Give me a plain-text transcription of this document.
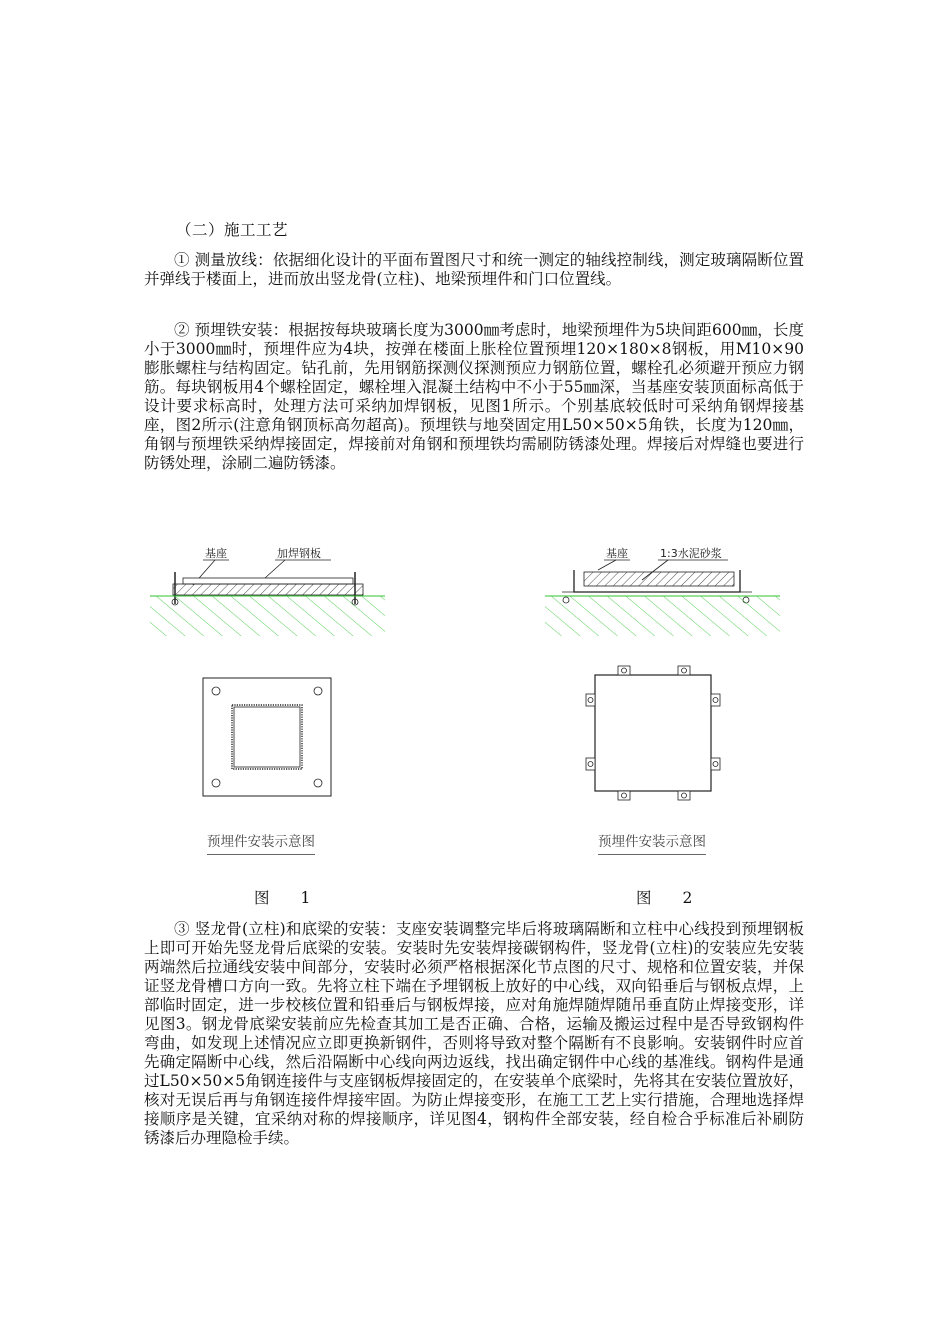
（二）施工工艺

① 测量放线：依据细化设计的平面布置图尺寸和统一测定的轴线控制线，测定玻璃隔断位置并弹线于楼面上，进而放出竖龙骨(立柱)、地梁预埋件和门口位置线。

② 预埋铁安装：根据按每块玻璃长度为3000㎜考虑时，地梁预埋件为5块间距600㎜，长度小于3000㎜时，预埋件应为4块，按弹在楼面上胀栓位置预埋120×180×8钢板，用M10×90膨胀螺柱与结构固定。钻孔前，先用钢筋探测仪探测预应力钢筋位置，螺栓孔必须避开预应力钢筋。每块钢板用4个螺栓固定，螺栓埋入混凝土结构中不小于55㎜深，当基座安装顶面标高低于设计要求标高时，处理方法可采纳加焊钢板，见图1所示。个别基底较低时可采纳角钢焊接基座，图2所示(注意角钢顶标高勿超高)。预埋铁与地癸固定用L50×50×5角铁，长度为120㎜，角钢与预埋铁采纳焊接固定，焊接前对角钢和预埋铁均需刷防锈漆处理。焊接后对焊缝也要进行防锈处理，涂刷二遍防锈漆。

基座	加焊钢板	基座	1:3水泥砂浆
预埋件安装示意图	预埋件安装示意图
图　　1	图　　2

③ 竖龙骨(立柱)和底梁的安装：支座安装调整完毕后将玻璃隔断和立柱中心线投到预埋钢板上即可开始先竖龙骨后底梁的安装。安装时先安装焊接碳钢构件，竖龙骨(立柱)的安装应先安装两端然后拉通线安装中间部分，安装时必须严格根据深化节点图的尺寸、规格和位置安装，并保证竖龙骨槽口方向一致。先将立柱下端在予埋钢板上放好的中心线，双向铅垂后与钢板点焊，上部临时固定，进一步校核位置和铅垂后与钢板焊接，应对角施焊随焊随吊垂直防止焊接变形，详见图3。钢龙骨底梁安装前应先检查其加工是否正确、合格，运输及搬运过程中是否导致钢构件弯曲，如发现上述情况应立即更换新钢件，否则将导致对整个隔断有不良影响。安装钢件时应首先确定隔断中心线，然后沿隔断中心线向两边返线，找出确定钢件中心线的基准线。钢构件是通过L50×50×5角钢连接件与支座钢板焊接固定的，在安装单个底梁时，先将其在安装位置放好，核对无误后再与角钢连接件焊接牢固。为防止焊接变形，在施工工艺上实行措施，合理地选择焊接顺序是关键，宜采纳对称的焊接顺序，详见图4，钢构件全部安装，经自检合乎标准后补刷防锈漆后办理隐检手续。
